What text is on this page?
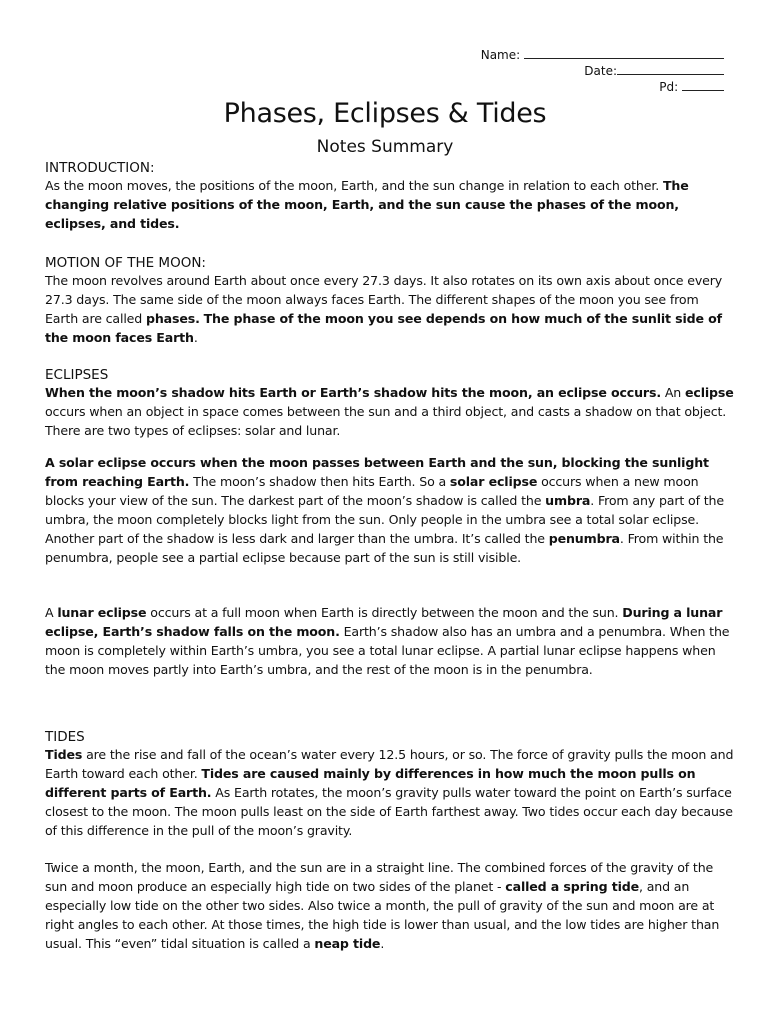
Name:
Date:
Pd:
Phases, Eclipses & Tides
Notes Summary
INTRODUCTION:
As the moon moves, the positions of the moon, Earth, and the sun change in relation to each other. The changing relative positions of the moon, Earth, and the sun cause the phases of the moon, eclipses, and tides.
MOTION OF THE MOON:
The moon revolves around Earth about once every 27.3 days. It also rotates on its own axis about once every 27.3 days. The same side of the moon always faces Earth. The different shapes of the moon you see from Earth are called phases. The phase of the moon you see depends on how much of the sunlit side of the moon faces Earth.
ECLIPSES
When the moon’s shadow hits Earth or Earth’s shadow hits the moon, an eclipse occurs. An eclipse occurs when an object in space comes between the sun and a third object, and casts a shadow on that object. There are two types of eclipses: solar and lunar.
A solar eclipse occurs when the moon passes between Earth and the sun, blocking the sunlight from reaching Earth. The moon’s shadow then hits Earth. So a solar eclipse occurs when a new moon blocks your view of the sun. The darkest part of the moon’s shadow is called the umbra. From any part of the umbra, the moon completely blocks light from the sun. Only people in the umbra see a total solar eclipse. Another part of the shadow is less dark and larger than the umbra. It’s called the penumbra. From within the penumbra, people see a partial eclipse because part of the sun is still visible.
A lunar eclipse occurs at a full moon when Earth is directly between the moon and the sun. During a lunar eclipse, Earth’s shadow falls on the moon. Earth’s shadow also has an umbra and a penumbra. When the moon is completely within Earth’s umbra, you see a total lunar eclipse. A partial lunar eclipse happens when the moon moves partly into Earth’s umbra, and the rest of the moon is in the penumbra.
TIDES
Tides are the rise and fall of the ocean’s water every 12.5 hours, or so. The force of gravity pulls the moon and Earth toward each other. Tides are caused mainly by differences in how much the moon pulls on different parts of Earth. As Earth rotates, the moon’s gravity pulls water toward the point on Earth’s surface closest to the moon. The moon pulls least on the side of Earth farthest away. Two tides occur each day because of this difference in the pull of the moon’s gravity.
Twice a month, the moon, Earth, and the sun are in a straight line. The combined forces of the gravity of the sun and moon produce an especially high tide on two sides of the planet - called a spring tide, and an especially low tide on the other two sides. Also twice a month, the pull of gravity of the sun and moon are at right angles to each other. At those times, the high tide is lower than usual, and the low tides are higher than usual. This “even” tidal situation is called a neap tide.
